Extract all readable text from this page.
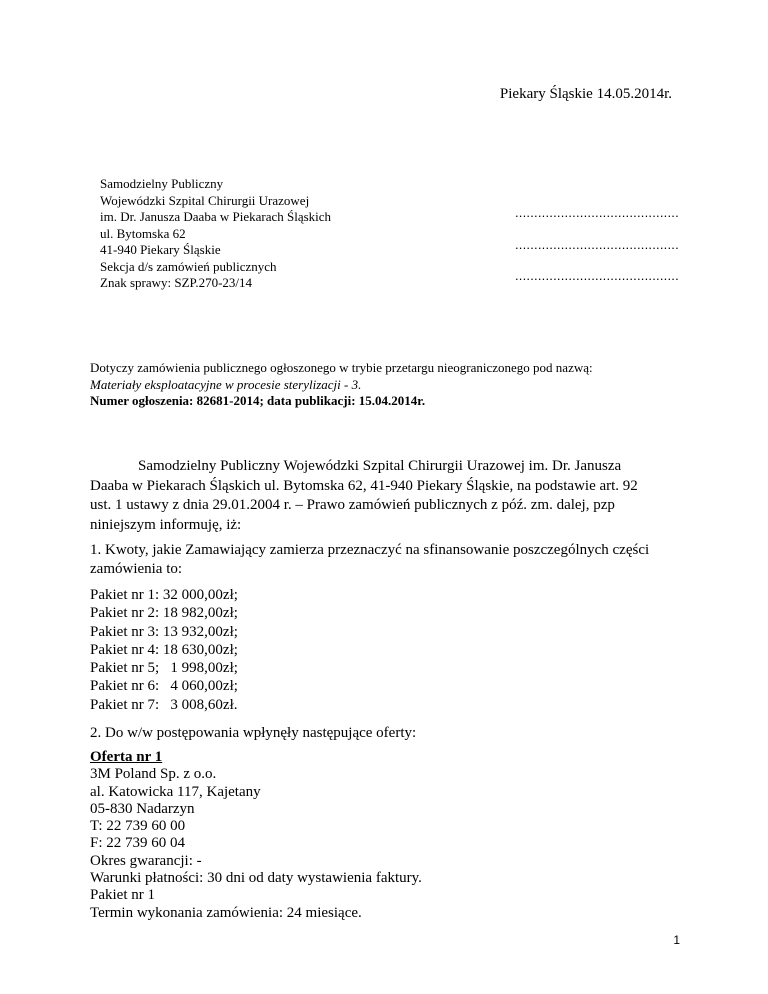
Piekary Śląskie 14.05.2014r.
Samodzielny Publiczny
Wojewódzki Szpital Chirurgii Urazowej
im. Dr. Janusza Daaba w Piekarach Śląskich
ul. Bytomska 62
41-940 Piekary Śląskie
Sekcja d/s zamówień publicznych
Znak sprawy: SZP.270-23/14
...........................................
...........................................
...........................................
Dotyczy zamówienia publicznego ogłoszonego w trybie przetargu nieograniczonego pod nazwą:
Materiały eksploatacyjne w procesie sterylizacji - 3.
Numer ogłoszenia: 82681-2014; data publikacji: 15.04.2014r.
Samodzielny Publiczny Wojewódzki Szpital Chirurgii Urazowej im. Dr. Janusza
Daaba w Piekarach Śląskich ul. Bytomska 62, 41-940 Piekary Śląskie, na podstawie art. 92
ust. 1 ustawy z dnia 29.01.2004 r. – Prawo zamówień publicznych z póź. zm. dalej, pzp
niniejszym informuję, iż:
1. Kwoty, jakie Zamawiający zamierza przeznaczyć na sfinansowanie poszczególnych części
zamówienia to:
Pakiet nr 1: 32 000,00zł;
Pakiet nr 2: 18 982,00zł;
Pakiet nr 3: 13 932,00zł;
Pakiet nr 4: 18 630,00zł;
Pakiet nr 5;   1 998,00zł;
Pakiet nr 6:   4 060,00zł;
Pakiet nr 7:   3 008,60zł.
2. Do w/w postępowania wpłynęły następujące oferty:
Oferta nr 1
3M Poland Sp. z o.o.
al. Katowicka 117, Kajetany
05-830 Nadarzyn
T: 22 739 60 00
F: 22 739 60 04
Okres gwarancji: -
Warunki płatności: 30 dni od daty wystawienia faktury.
Pakiet nr 1
Termin wykonania zamówienia: 24 miesiące.
1
